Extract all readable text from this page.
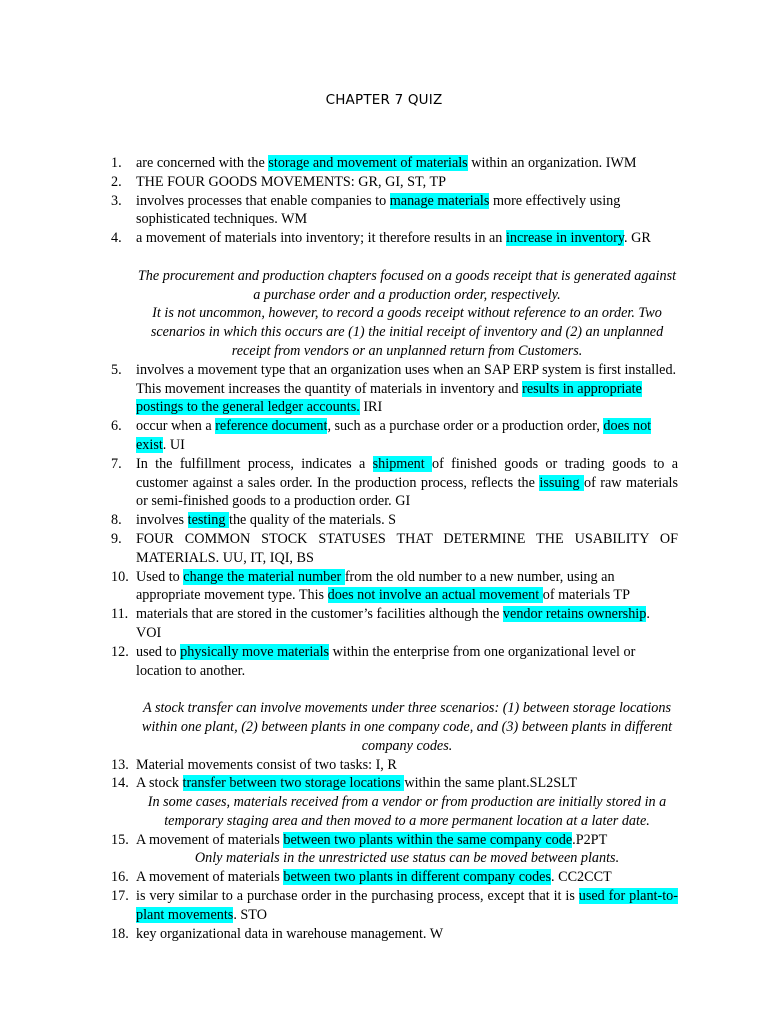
CHAPTER 7 QUIZ
1. are concerned with the storage and movement of materials within an organization. IWM
2. THE FOUR GOODS MOVEMENTS: GR, GI, ST, TP
3. involves processes that enable companies to manage materials more effectively using sophisticated techniques. WM
4. a movement of materials into inventory; it therefore results in an increase in inventory. GR
The procurement and production chapters focused on a goods receipt that is generated against a purchase order and a production order, respectively.
It is not uncommon, however, to record a goods receipt without reference to an order. Two scenarios in which this occurs are (1) the initial receipt of inventory and (2) an unplanned receipt from vendors or an unplanned return from Customers.
5. involves a movement type that an organization uses when an SAP ERP system is first installed. This movement increases the quantity of materials in inventory and results in appropriate postings to the general ledger accounts. IRI
6. occur when a reference document, such as a purchase order or a production order, does not exist. UI
7. In the fulfillment process, indicates a shipment of finished goods or trading goods to a customer against a sales order. In the production process, reflects the issuing of raw materials or semi-finished goods to a production order. GI
8. involves testing the quality of the materials. S
9. FOUR COMMON STOCK STATUSES THAT DETERMINE THE USABILITY OF MATERIALS. UU, IT, IQI, BS
10. Used to change the material number from the old number to a new number, using an appropriate movement type. This does not involve an actual movement of materials TP
11. materials that are stored in the customer’s facilities although the vendor retains ownership. VOI
12. used to physically move materials within the enterprise from one organizational level or location to another.
A stock transfer can involve movements under three scenarios: (1) between storage locations within one plant, (2) between plants in one company code, and (3) between plants in different company codes.
13. Material movements consist of two tasks: I, R
14. A stock transfer between two storage locations within the same plant.SL2SLT
In some cases, materials received from a vendor or from production are initially stored in a temporary staging area and then moved to a more permanent location at a later date.
15. A movement of materials between two plants within the same company code.P2PT
Only materials in the unrestricted use status can be moved between plants.
16. A movement of materials between two plants in different company codes. CC2CCT
17. is very similar to a purchase order in the purchasing process, except that it is used for plant-to-plant movements. STO
18. key organizational data in warehouse management. W
